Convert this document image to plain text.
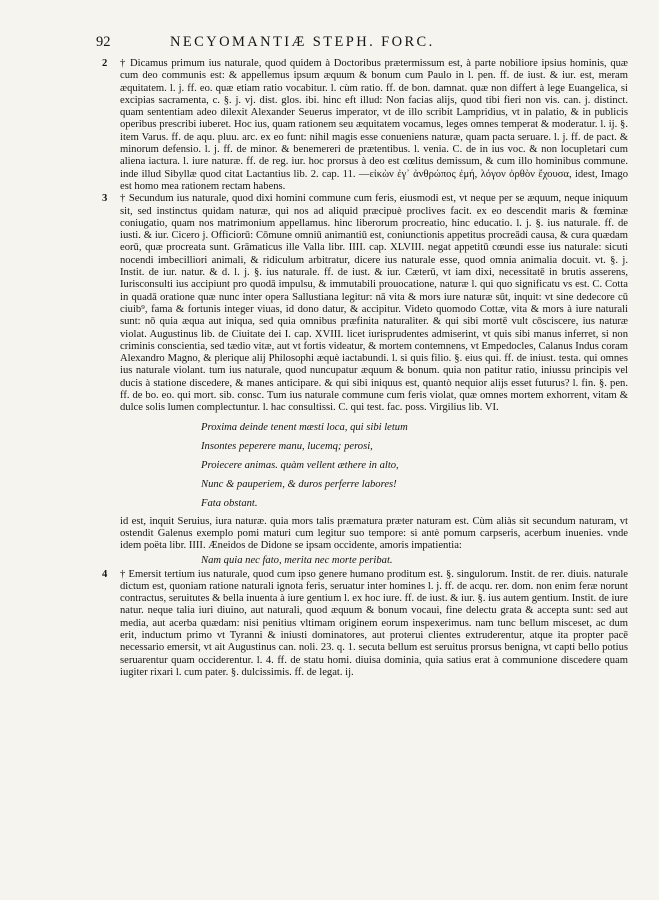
92	NECYOMANTIÆ STEPH. FORC.

2 † Dicamus primum ius naturale, quod quidem à Doctoribus prætermissum est, à parte nobiliore ipsius hominis, quæ cum deo communis est: & appellemus ipsum æquum & bonum cum Paulo in l. pen. ff. de iust. & iur. est, meram æquitatem. l. j. ff. eo. quæ etiam ratio vocabitur. l. cùm ratio. ff. de bon. damnat. quæ non differt à lege Euangelica, si excipias sacramenta, c. §. j. vj. dist. glos. ibi. hinc eft illud: Non facias alijs, quod tibi fieri non vis. can. j. distinct. quam sententiam adeo dilexit Alexander Seuerus imperator, vt de illo scribit Lampridius, vt in palatio, & in publicis operibus prescribi iuberet. Hoc ius, quam rationem seu æquitatem vocamus, leges omnes temperat & moderatur. l. ij. §. item Varus. ff. de aqu. pluu. arc. ex eo funt: nihil magis esse conueniens naturæ, quam pacta seruare. l. j. ff. de pact. & minorum defensio. l. j. ff. de minor. & benemereri de prætentibus. l. venia. C. de in ius voc. & non locupletari cum aliena iactura. l. iure naturæ. ff. de reg. iur. hoc prorsus à deo est cœlitus demissum, & cum illo hominibus commune. inde illud Sibyllæ quod citat Lactantius lib. 2. cap. 11. —εἰκὼν ἐγ᾽ ἀνθρώπος ἐμή, λόγον ὀρθὸν ἔχουσα, idest, Imago est homo mea rationem rectam habens.

3 † Secundum ius naturale, quod dixi homini commune cum feris, eiusmodi est, vt neque per se æquum, neque iniquum sit, sed instinctus quidam naturæ, qui nos ad aliquid præcipuè proclives facit. ex eo descendit maris & fœminæ coniugatio, quam nos matrimonium appellamus. hinc liberorum procreatio, hinc educatio. l. j. §. ius naturale. ff. de iusti. & iur. Cicero j. Officiorū: Cōmune omniū animantiū est, coniunctionis appetitus procreādi causa, & cura quædam eorū, quæ procreata sunt. Grāmaticus ille Valla libr. IIII. cap. XLVIII. negat appetitū cœundi esse ius naturale: sicuti nocendi imbecilliori animali, & ridiculum arbitratur, dicere ius naturale esse, quod omnia animalia docuit. vt. §. j. Instit. de iur. natur. & d. l. j. §. ius naturale. ff. de iust. & iur. Cæterū, vt iam dixi, necessitatē in brutis asserens, Iurisconsulti ius accipiunt pro quodā impulsu, & immutabili prouocatione, naturæ l. qui quo significatu vs est. C. Cotta in quadā oratione quæ nunc inter opera Sallustiana legitur: nā vita & mors iure naturæ sūt, inquit: vt sine dedecore cū ciuib⁹, fama & fortunis integer viuas, id dono datur, & accipitur. Videto quomodo Cottæ, vita & mors à iure naturali sunt: nō quia æqua aut iniqua, sed quia omnibus præfinita naturaliter. & qui sibi mortē vult cōsciscere, ius naturæ violat. Augustinus lib. de Ciuitate dei I. cap. XVIII. licet iurisprudentes admiserint, vt quis sibi manus inferret, si non criminis conscientia, sed tædio vitæ, aut vt fortis videatur, & mortem contemnens, vt Empedocles, Calanus Indus coram Alexandro Magno, & plerique alij Philosophi æquè iactabundi. l. si quis filio. §. eius qui. ff. de iniust. testa. qui omnes ius naturale violant. tum ius naturale, quod nuncupatur æquum & bonum. quia non patitur ratio, iniussu principis vel ducis à statione discedere, & manes anticipare. & qui sibi iniquus est, quantò nequior alijs esset futurus? l. fin. §. pen. ff. de bo. eo. qui mort. sib. consc. Tum ius naturale commune cum feris violat, quæ omnes mortem exhorrent, vitam & dulce solis lumen complectuntur. l. hac consultissi. C. qui test. fac. poss. Virgilius lib. VI.

Proxima deinde tenent mæsti loca, qui sibi letum
Insontes peperere manu, lucemq; perosi,
Proiecere animas. quàm vellent æthere in alto,
Nunc & pauperiem, & duros perferre labores!
Fata obstant.

id est, inquit Seruius, iura naturæ. quia mors talis præmatura præter naturam est. Cùm aliàs sit secundum naturam, vt ostendit Galenus exemplo pomi maturi cum legitur suo tempore: si antè pomum carpseris, acerbum inuenies. vnde idem poëta libr. IIII. Æneidos de Didone se ipsam occidente, amoris impatientia:

Nam quia nec fato, merita nec morte peribat.

4 † Emersit tertium ius naturale, quod cum ipso genere humano proditum est. §. singulorum. Instit. de rer. diuis. naturale dictum est, quoniam ratione naturali ignota feris, seruatur inter homines l. j. ff. de acqu. rer. dom. non enim feræ norunt contractus, seruitutes & bella inuenta à iure gentium l. ex hoc iure. ff. de iust. & iur. §. ius autem gentium. Instit. de iure natur. neque talia iuri diuino, aut naturali, quod æquum & bonum vocaui, fine delectu grata & accepta sunt: sed aut media, aut acerba quædam: nisi penitius vltimam originem eorum inspexerimus. nam tunc bellum misceset, ac dum erit, inductum primo vt Tyranni & iniusti dominatores, aut proterui clientes extruderentur, atque ita propter pacē necessario emersit, vt ait Augustinus can. noli. 23. q. 1. secuta bellum est seruitus prorsus benigna, vt capti bello potius seruarentur quam occiderentur. l. 4. ff. de statu homi. diuisa dominia, quia satius erat à communione discedere quam iugiter rixari l. cum pater. §. dulcissimis. ff. de legat. ij.
